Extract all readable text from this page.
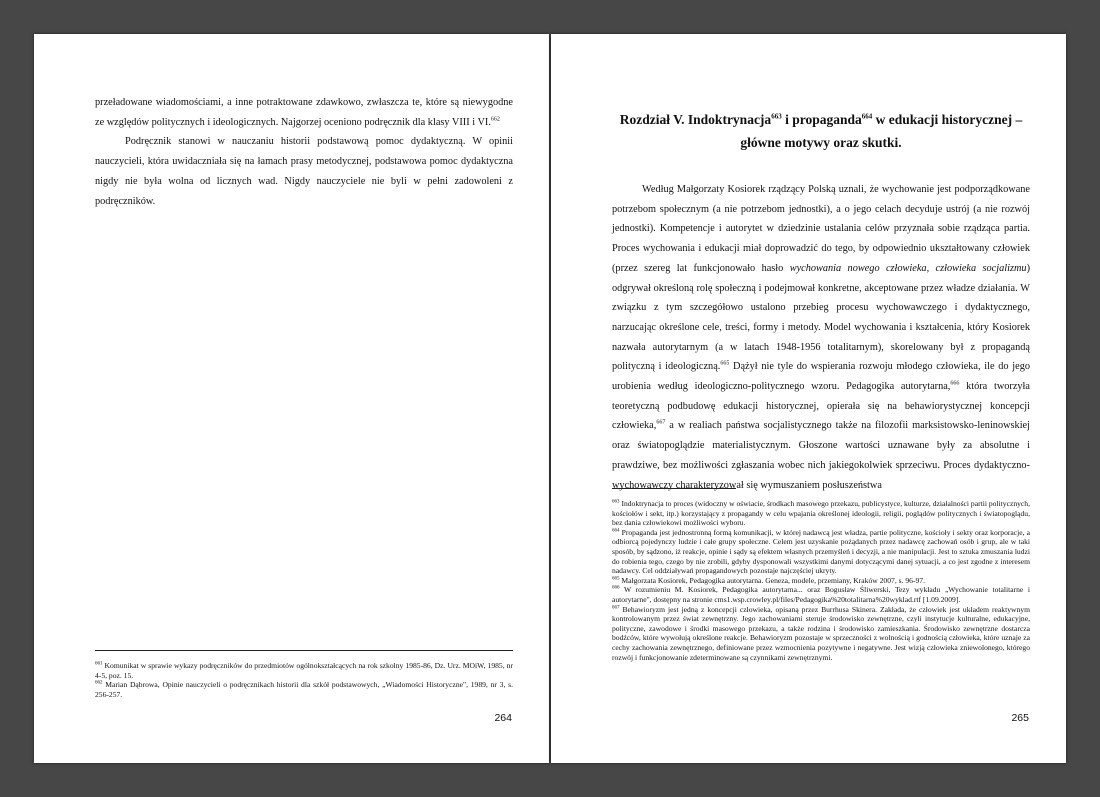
przeładowane wiadomościami, a inne potraktowane zdawkowo, zwłaszcza te, które są niewygodne ze względów politycznych i ideologicznych. Najgorzej oceniono podręcznik dla klasy VIII i VI.$^{662}$

Podręcznik stanowi w nauczaniu historii podstawową pomoc dydaktyczną. W opinii nauczycieli, która uwidaczniała się na łamach prasy metodycznej, podstawowa pomoc dydaktyczna nigdy nie była wolna od licznych wad. Nigdy nauczyciele nie byli w pełni zadowoleni z podręczników.

$^{661}$ Komunikat w sprawie wykazy podręczników do przedmiotów ogólnokształcących na rok szkolny 1985-86, Dz. Urz. MOiW, 1985, nr 4-5, poz. 15.

$^{662}$ Marian Dąbrowa, Opinie nauczycieli o podręcznikach historii dla szkół podstawowych, „Wiadomości Historyczne", 1989, nr 3, s. 256-257.

264
Rozdział V. Indoktrynacja$^{663}$ i propaganda$^{664}$ w edukacji historycznej – główne motywy oraz skutki.

Według Małgorzaty Kosiorek rządzący Polską uznali, że wychowanie jest podporządkowane potrzebom społecznym (a nie potrzebom jednostki), a o jego celach decyduje ustrój (a nie rozwój jednostki). Kompetencje i autorytet w dziedzinie ustalania celów przyznała sobie rządząca partia. Proces wychowania i edukacji miał doprowadzić do tego, by odpowiednio ukształtowany człowiek (przez szereg lat funkcjonowało hasło wychowania nowego człowieka, człowieka socjalizmu) odgrywał określoną rolę społeczną i podejmował konkretne, akceptowane przez władze działania. W związku z tym szczegółowo ustalono przebieg procesu wychowawczego i dydaktycznego, narzucając określone cele, treści, formy i metody. Model wychowania i kształcenia, który Kosiorek nazwała autorytarnym (a w latach 1948-1956 totalitarnym), skorelowany był z propagandą polityczną i ideologiczną.$^{665}$ Dążył nie tyle do wspierania rozwoju młodego człowieka, ile do jego urobienia według ideologiczno-politycznego wzoru. Pedagogika autorytarna,$^{666}$ która tworzyła teoretyczną podbudowę edukacji historycznej, opierała się na behawiorystycznej koncepcji człowieka,$^{667}$ a w realiach państwa socjalistycznego także na filozofii marksistowsko-leninowskiej oraz światopoglądzie materialistycznym. Głoszone wartości uznawane były za absolutne i prawdziwe, bez możliwości zgłaszania wobec nich jakiegokolwiek sprzeciwu. Proces dydaktyczno-wychowawczy charakteryzował się wymuszaniem posłuszeństwa

$^{663}$ Indoktrynacja to proces (widoczny w oświacie, środkach masowego przekazu, publicystyce, kulturze, działalności partii politycznych, kościołów i sekt, itp.) korzystający z propagandy w celu wpajania określonej ideologii, religii, poglądów politycznych i światopoglądu, bez dania człowiekowi możliwości wyboru.

$^{664}$ Propaganda jest jednostronną formą komunikacji, w której nadawcą jest władza, partie polityczne, kościoły i sekty oraz korporacje, a odbiorcą pojedynczy ludzie i całe grupy społeczne. Celem jest uzyskanie pożądanych przez nadawcę zachowań osób i grup, ale w taki sposób, by sądzono, iż reakcje, opinie i sądy są efektem własnych przemyśleń i decyzji, a nie manipulacji. Jest to sztuka zmuszania ludzi do robienia tego, czego by nie zrobili, gdyby dysponowali wszystkimi danymi dotyczącymi danej sytuacji, a co jest zgodne z interesem nadawcy. Cel oddziaływań propagandowych pozostaje najczęściej ukryty.

$^{665}$ Małgorzata Kosiorek, Pedagogika autorytarna. Geneza, modele, przemiany, Kraków 2007, s. 96-97.

$^{666}$ W rozumieniu M. Kosiorek, Pedagogika autorytarna... oraz Bogusław Śliwerski, Tezy wykładu „Wychowanie totalitarne i autorytarne", dostępny na stronie cms1.wsp.crowley.pl/files/Pedagogika%20totalitarna%20wyklad.rtf [1.09.2009].

$^{667}$ Behawioryzm jest jedną z koncepcji człowieka, opisaną przez Burrhusa Skinera. Zakłada, że człowiek jest układem reaktywnym kontrolowanym przez świat zewnętrzny. Jego zachowaniami steruje środowisko zewnętrzne, czyli instytucje kulturalne, edukacyjne, polityczne, zawodowe i środki masowego przekazu, a także rodzina i środowisko zamieszkania. Środowisko zewnętrzne dostarcza bodźców, które wywołują określone reakcje. Behawioryzm pozostaje w sprzeczności z wolnością i godnością człowieka, które uznaje za cechy zachowania zewnętrznego, definiowane przez wzmocnienia pozytywne i negatywne. Jest wizją człowieka zniewolonego, którego rozwój i funkcjonowanie zdeterminowane są czynnikami zewnętrznymi.

265
